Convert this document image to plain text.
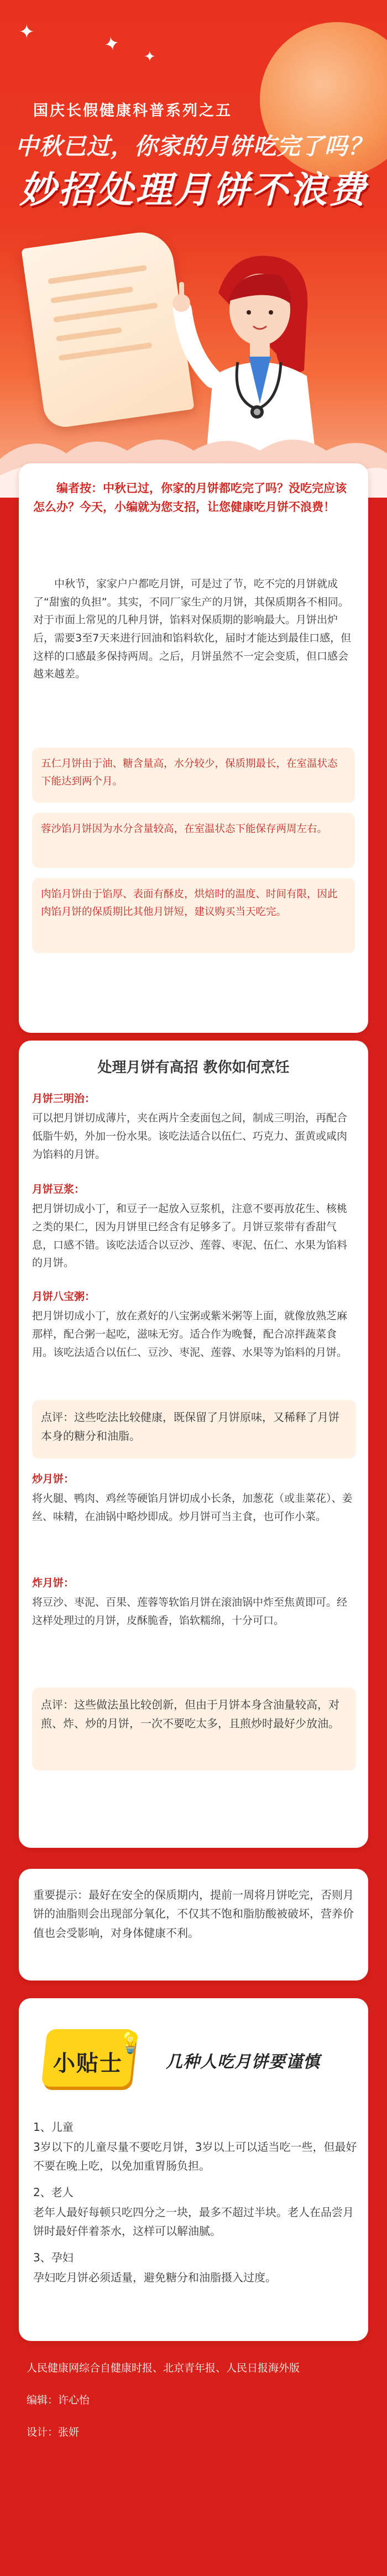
✦	✦
✦
国庆长假健康科普系列之五
中秋已过，你家的月饼吃完了吗？
妙招处理月饼不浪费

编者按：中秋已过，你家的月饼都吃完了吗？没吃完应该怎么办？今天，小编就为您支招，让您健康吃月饼不浪费！

中秋节，家家户户都吃月饼，可是过了节，吃不完的月饼就成了“甜蜜的负担”。其实，不同厂家生产的月饼，其保质期各不相同。对于市面上常见的几种月饼，馅料对保质期的影响最大。月饼出炉后，需要3至7天来进行回油和馅料软化，届时才能达到最佳口感，但这样的口感最多保持两周。之后，月饼虽然不一定会变质，但口感会越来越差。

五仁月饼由于油、糖含量高，水分较少，保质期最长，在室温状态下能达到两个月。
蓉沙馅月饼因为水分含量较高，在室温状态下能保存两周左右。
肉馅月饼由于馅厚、表面有酥皮，烘焙时的温度、时间有限，因此肉馅月饼的保质期比其他月饼短，建议购买当天吃完。
处理月饼有高招 教你如何烹饪

月饼三明治：

可以把月饼切成薄片，夹在两片全麦面包之间，制成三明治，再配合低脂牛奶，外加一份水果。该吃法适合以伍仁、巧克力、蛋黄或咸肉为馅料的月饼。

月饼豆浆：

把月饼切成小丁，和豆子一起放入豆浆机，注意不要再放花生、核桃之类的果仁，因为月饼里已经含有足够多了。月饼豆浆带有香甜气息，口感不错。该吃法适合以豆沙、莲蓉、枣泥、伍仁、水果为馅料的月饼。

月饼八宝粥：

把月饼切成小丁，放在煮好的八宝粥或紫米粥等上面，就像放熟芝麻那样，配合粥一起吃，滋味无穷。适合作为晚餐，配合凉拌蔬菜食用。该吃法适合以伍仁、豆沙、枣泥、莲蓉、水果等为馅料的月饼。

点评：这些吃法比较健康，既保留了月饼原味，又稀释了月饼本身的糖分和油脂。

炒月饼：

将火腿、鸭肉、鸡丝等硬馅月饼切成小长条，加葱花（或韭菜花）、姜丝、味精，在油锅中略炒即成。炒月饼可当主食，也可作小菜。

炸月饼：

将豆沙、枣泥、百果、莲蓉等软馅月饼在滚油锅中炸至焦黄即可。经这样处理过的月饼，皮酥脆香，馅软糯绵，十分可口。

点评：这些做法虽比较创新，但由于月饼本身含油量较高，对煎、炸、炒的月饼，一次不要吃太多，且煎炒时最好少放油。

重要提示：最好在安全的保质期内，提前一周将月饼吃完，否则月饼的油脂则会出现部分氧化，不仅其不饱和脂肪酸被破坏，营养价值也会受影响，对身体健康不利。

小贴士
💡
几种人吃月饼要谨慎

1、儿童

3岁以下的儿童尽量不要吃月饼，3岁以上可以适当吃一些，但最好不要在晚上吃，以免加重胃肠负担。

2、老人

老年人最好每顿只吃四分之一块，最多不超过半块。老人在品尝月饼时最好伴着茶水，这样可以解油腻。

3、孕妇

孕妇吃月饼必须适量，避免糖分和油脂摄入过度。

人民健康网综合自健康时报、北京青年报、人民日报海外版
编辑：许心怡
设计：张妍
